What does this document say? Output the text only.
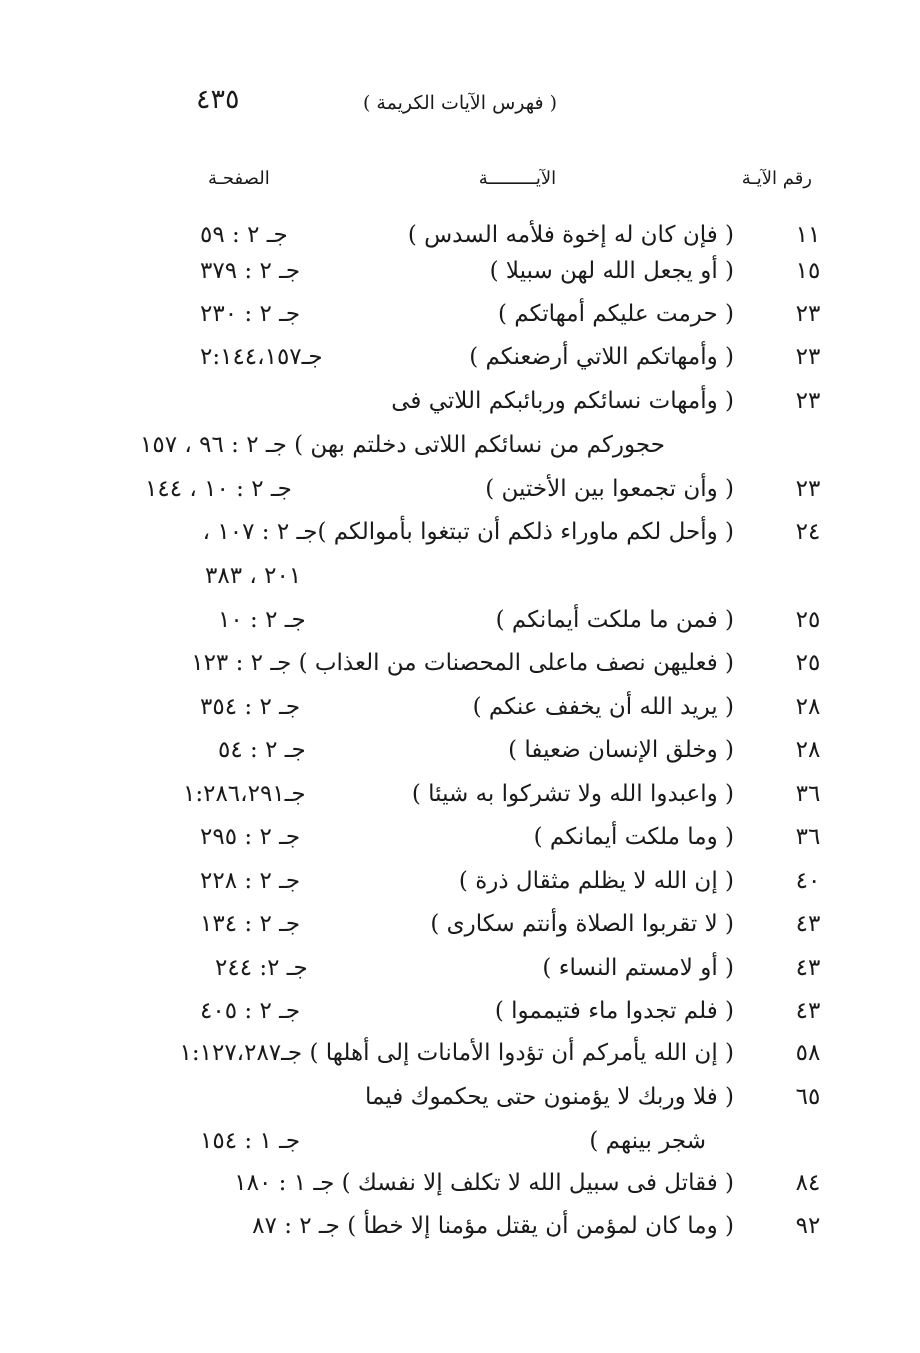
٤٣٥	( فهرس الآيات الكريمة )
رقم الآيـة
الآيـــــــــة
الصفحـة
١١
( فإن كان له إخوة فلأمه السدس )
جـ ٢ : ٥٩
١٥
( أو يجعل الله لهن سبيلا )
جـ ٢ : ٣٧٩
٢٣
( حرمت عليكم أمهاتكم )
جـ ٢ : ٢٣٠
٢٣
( وأمهاتكم اللاتي أرضعنكم )
جـ٢:١٤٤،١٥٧
٢٣
( وأمهات نسائكم وربائبكم اللاتي فى
حجوركم من نسائكم اللاتى دخلتم بهن ) جـ ٢ : ٩٦ ، ١٥٧
٢٣
( وأن تجمعوا بين الأختين )
جـ ٢ : ١٠ ، ١٤٤
٢٤
( وأحل لكم ماوراء ذلكم أن تبتغوا بأموالكم )جـ ٢ : ١٠٧ ،
٢٠١ ، ٣٨٣
٢٥
( فمن ما ملكت أيمانكم )
جـ ٢ : ١٠
٢٥
( فعليهن نصف ماعلى المحصنات من العذاب ) جـ ٢ : ١٢٣
٢٨
( يريد الله أن يخفف عنكم )
جـ ٢ : ٣٥٤
٢٨
( وخلق الإنسان ضعيفا )
جـ ٢ : ٥٤
٣٦
( واعبدوا الله ولا تشركوا به شيئا )
جـ١:٢٨٦،٢٩١
٣٦
( وما ملكت أيمانكم )
جـ ٢ : ٢٩٥
٤٠
( إن الله لا يظلم مثقال ذرة )
جـ ٢ : ٢٢٨
٤٣
( لا تقربوا الصلاة وأنتم سكارى )
جـ ٢ : ١٣٤
٤٣
( أو لامستم النساء )
جـ ٢: ٢٤٤
٤٣
( فلم تجدوا ماء فتيمموا )
جـ ٢ : ٤٠٥
٥٨
( إن الله يأمركم أن تؤدوا الأمانات إلى أهلها ) جـ١:١٢٧،٢٨٧
٦٥
( فلا وربك لا يؤمنون حتى يحكموك فيما
شجر بينهم )
جـ ١ : ١٥٤
٨٤
( فقاتل فى سبيل الله لا تكلف إلا نفسك ) جـ ١ : ١٨٠
٩٢
( وما كان لمؤمن أن يقتل مؤمنا إلا خطأ ) جـ ٢ : ٨٧
